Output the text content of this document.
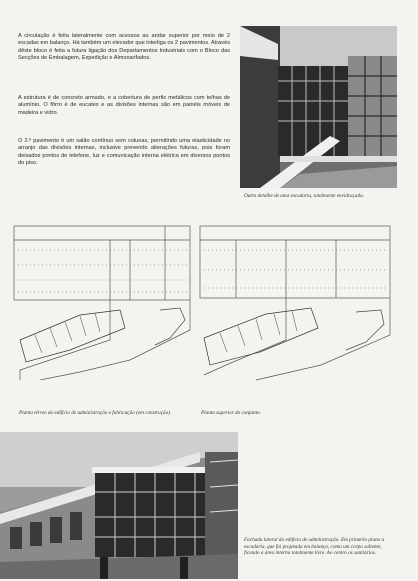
A circulação é feita lateralmente com acessos ao andar superior por meio de 2 escadas em balanço. Há também um elevador que interliga os 2 pavimentos. Através dêste bloco é feita a futura ligação dos Departamentos Industriais com o Bloco das Secções de Embalagem, Expedição e Almoxarifados.

A estrutura é de concreto armado, e a cobertura de perfis metálicos com telhas de alumínio. O fôrro é de eucatex e as divisões internas são em painéis móveis de madeira e vidro.

O 2.º pavimento é um salão contínuo sem colunas, permitindo uma elasticidade no arranjo das divisões internas, inclusive prevendo alterações futuras, pois foram deixados pontos de telefone, luz e comunicação interna elétrica em diversos pontos do piso.

Outro detalhe de uma escadaria, totalmente envidraçada.

Planta térreo do edifício de administração e fabricação (em construção).	Planta superior do conjunto.

Fachada lateral do edifício de administração. Em primeiro plano a escadaria, que foi projetada em balanço, como um corpo saliente, ficando a área interna totalmente livre. Ao centro os sanitários.
